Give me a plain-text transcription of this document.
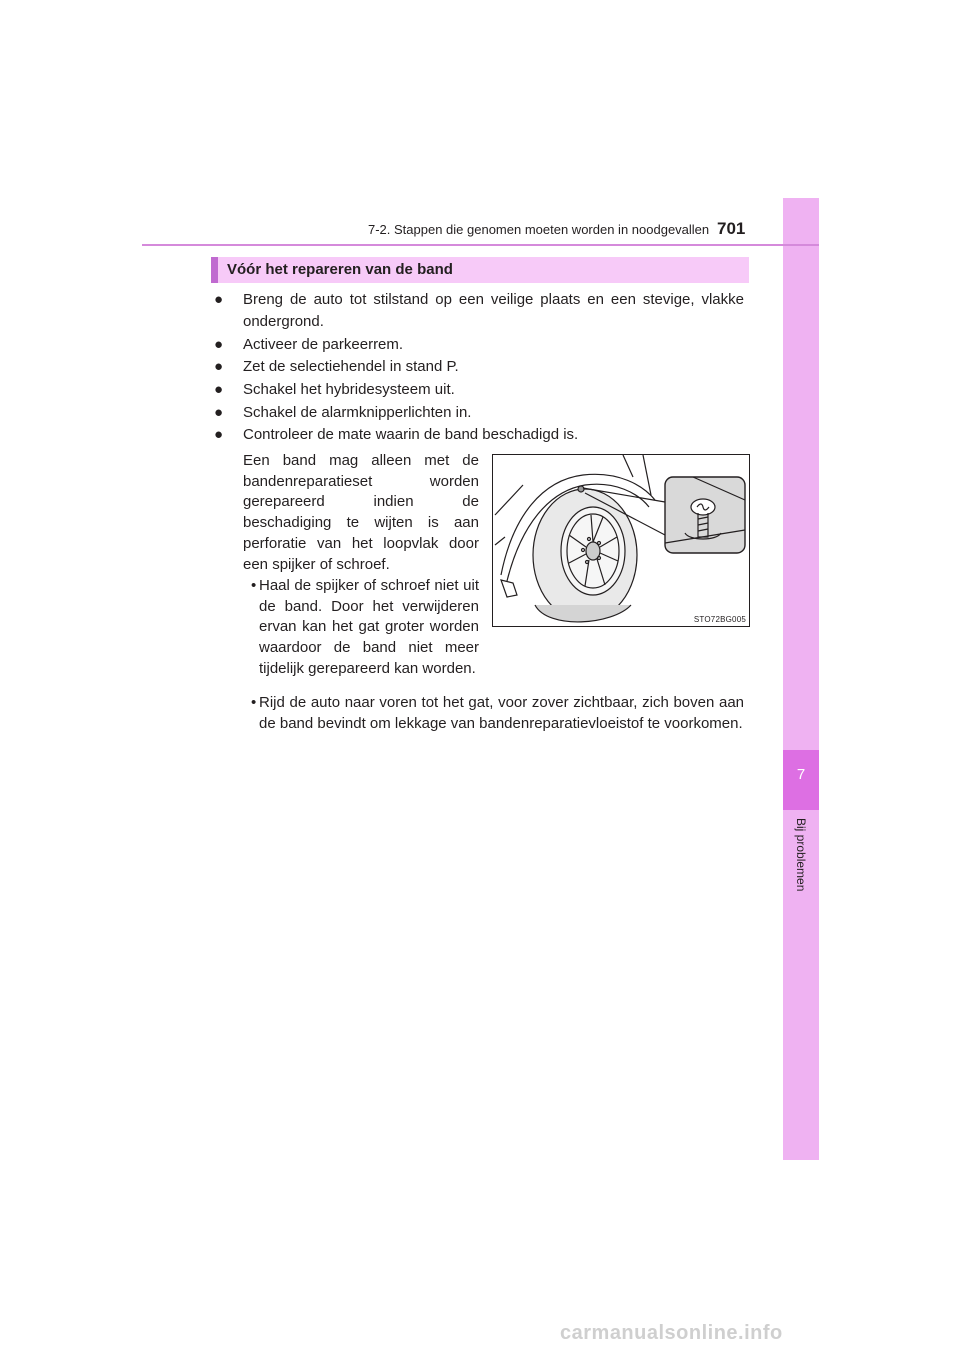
7
Bij problemen
7-2. Stappen die genomen moeten worden in noodgevallen 701
Vóór het repareren van de band
● Breng de auto tot stilstand op een veilige plaats en een stevige, vlakke ondergrond.
● Activeer de parkeerrem.
● Zet de selectiehendel in stand P.
● Schakel het hybridesysteem uit.
● Schakel de alarmknipperlichten in.
● Controleer de mate waarin de band beschadigd is.
Een band mag alleen met de bandenreparatieset worden gerepareerd indien de beschadiging te wijten is aan perforatie van het loopvlak door een spijker of schroef.
• Haal de spijker of schroef niet uit de band. Door het verwijderen ervan kan het gat groter worden waardoor de band niet meer tijdelijk gerepareerd kan worden.
• Rijd de auto naar voren tot het gat, voor zover zichtbaar, zich boven aan de band bevindt om lekkage van bandenreparatievloeistof te voorkomen.
STO72BG005
carmanualsonline.info
